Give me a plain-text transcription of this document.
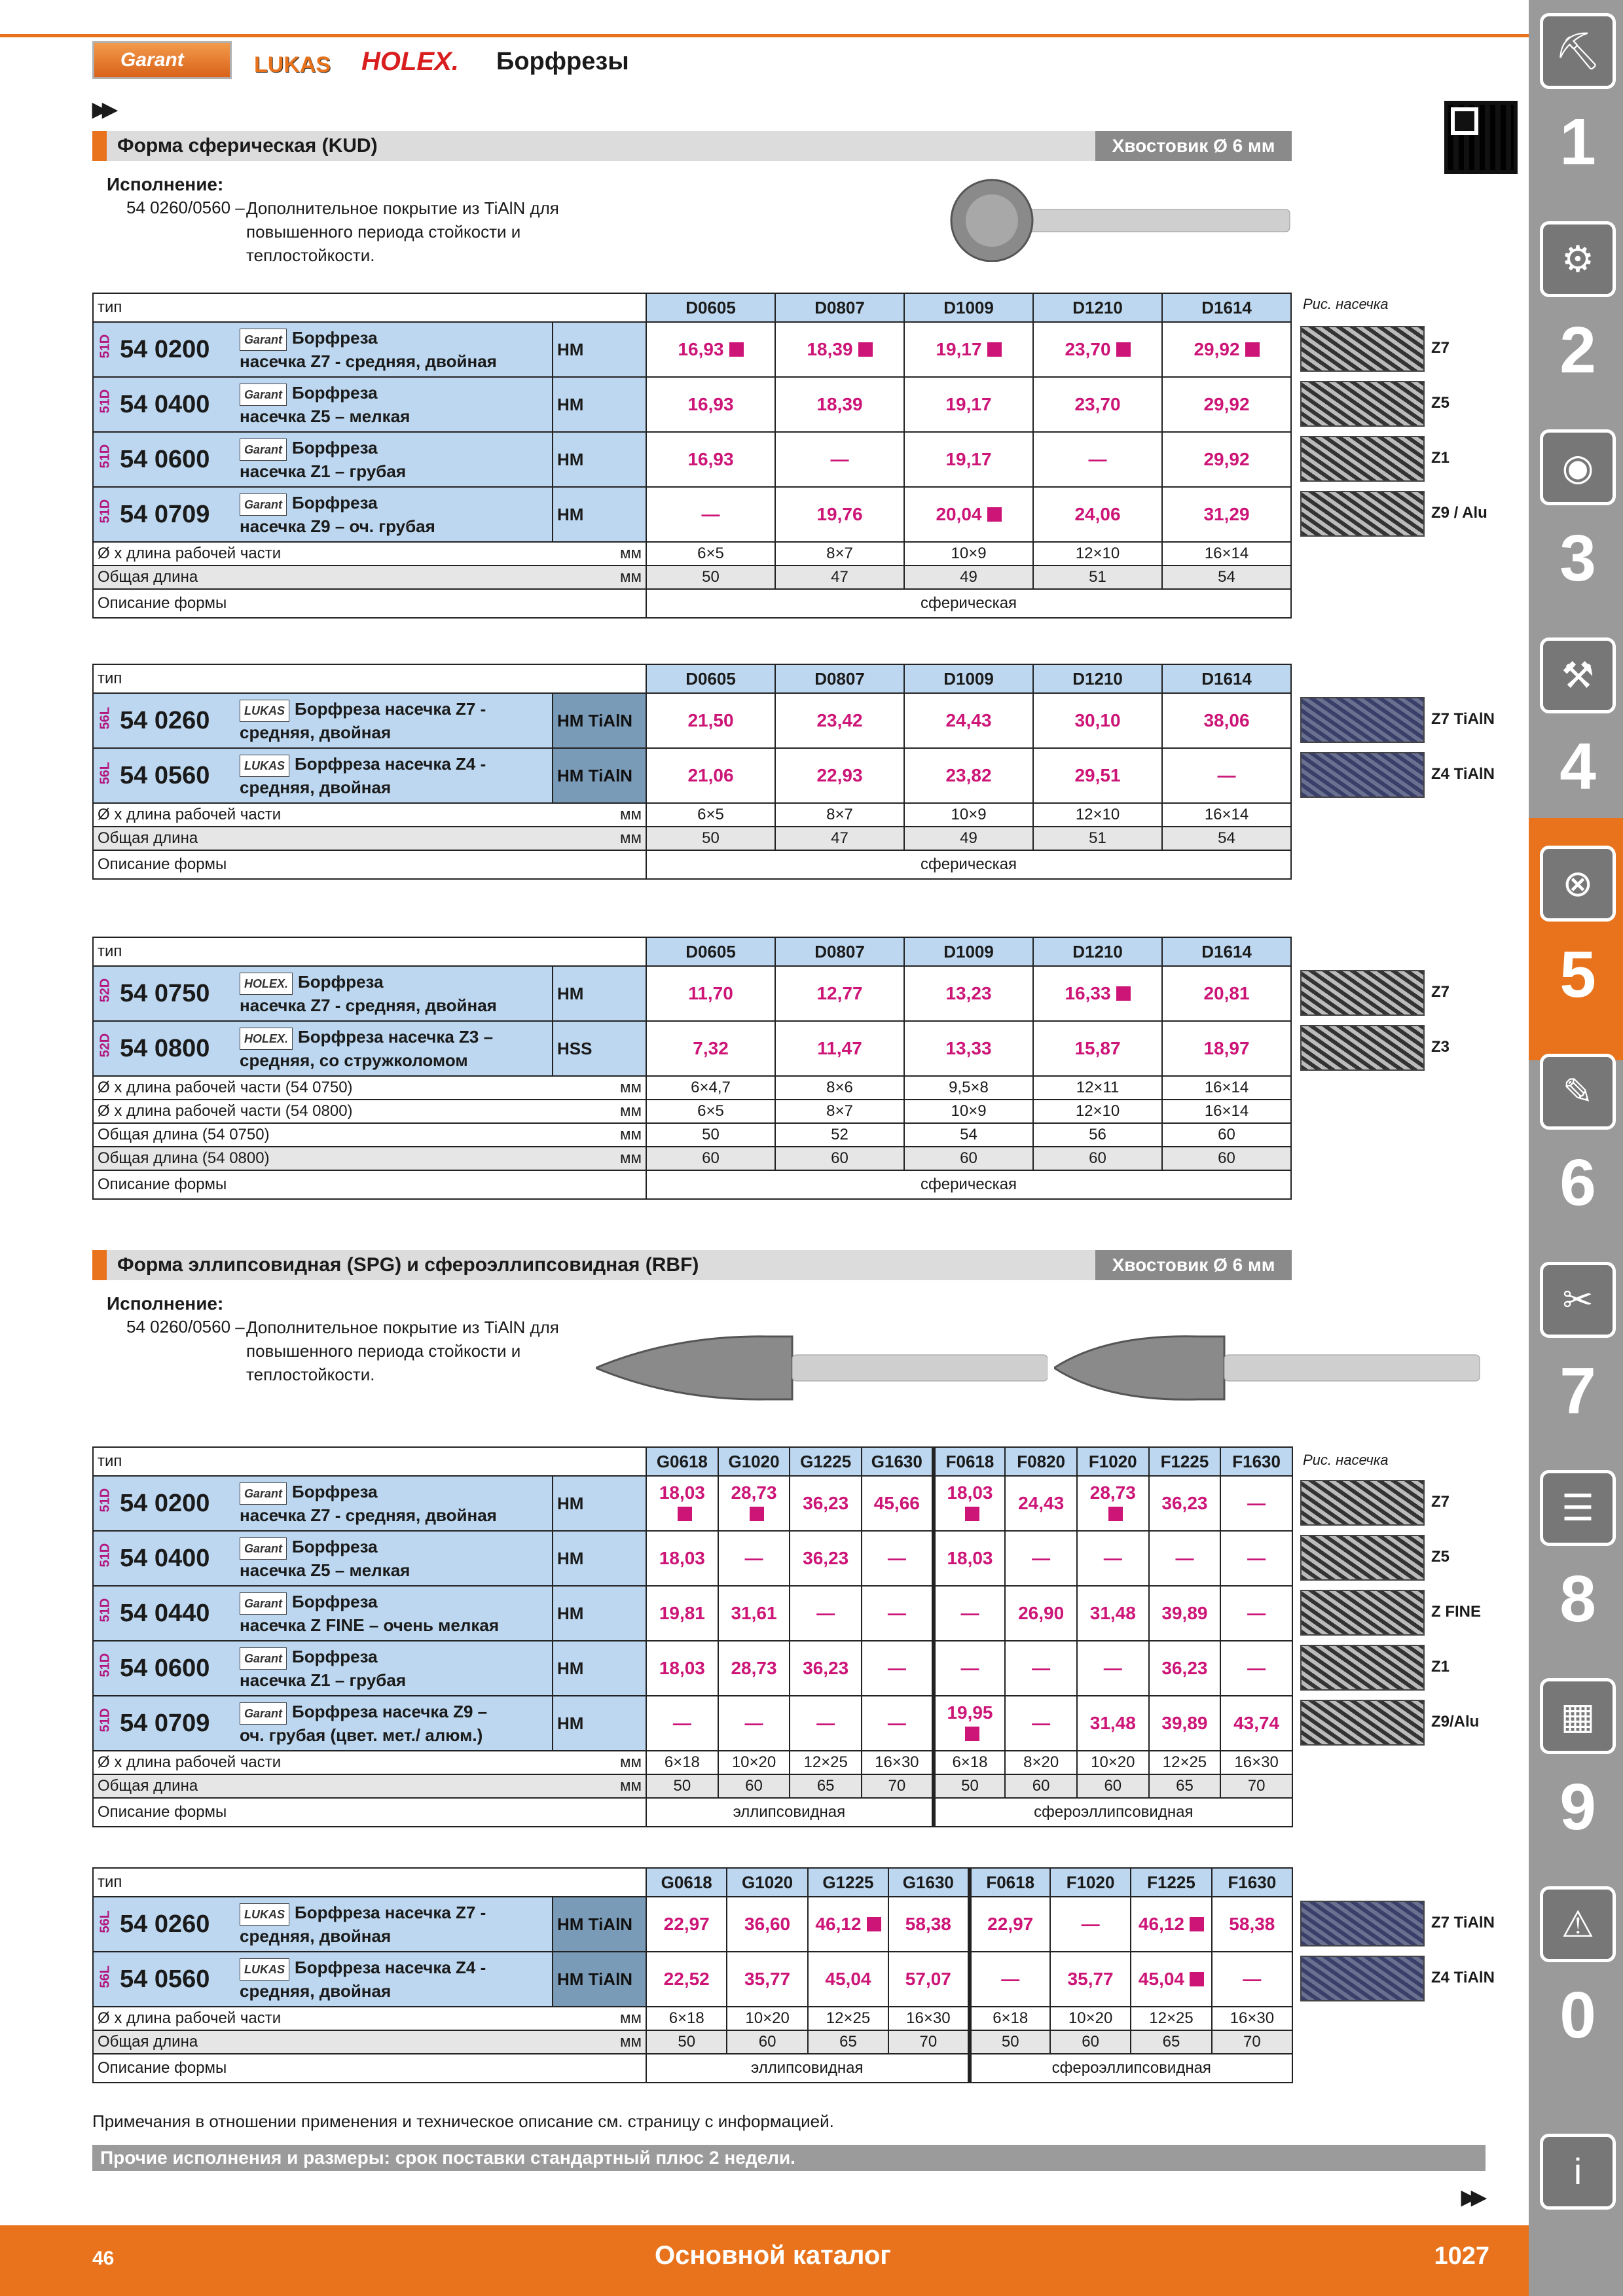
Garant	LUKAS	HOLEX.	Борфрезы
▶▶
Форма сферическая (KUD)	Хвостовик Ø 6 мм
Исполнение:
54 0260/0560 – Дополнительное покрытие из TiAlN для повышенного периода стойкости и теплостойкости.
Рис. насечка
тип			D0605	D0807	D1009	D1210	D1614
51D 54 0200	Garant Борфреза
насечка Z7 - средняя, двойная	HM	16,93	18,39	19,17	23,70	29,92
51D 54 0400	Garant Борфреза
насечка Z5 – мелкая	HM	16,93	18,39	19,17	23,70	29,92
51D 54 0600	Garant Борфреза
насечка Z1 – грубая	HM	16,93	—	19,17	—	29,92
51D 54 0709	Garant Борфреза
насечка Z9 – оч. грубая	HM	—	19,76	20,04	24,06	31,29
Ø x длина рабочей части		мм	6×5	8×7	10×9	12×10	16×14
Общая длина		мм	50	47	49	51	54
Описание формы			сферическая				
тип			D0605	D0807	D1009	D1210	D1614
56L 54 0260	LUKAS Борфреза насечка Z7 -
средняя, двойная	HM TiAlN	21,50	23,42	24,43	30,10	38,06
56L 54 0560	LUKAS Борфреза насечка Z4 -
средняя, двойная	HM TiAlN	21,06	22,93	23,82	29,51	—
Ø x длина рабочей части		мм	6×5	8×7	10×9	12×10	16×14
Общая длина		мм	50	47	49	51	54
Описание формы			сферическая				
тип			D0605	D0807	D1009	D1210	D1614
52D 54 0750	HOLEX. Борфреза
насечка Z7 - средняя, двойная	HM	11,70	12,77	13,23	16,33	20,81
52D 54 0800	HOLEX. Борфреза насечка Z3 –
средняя, со стружколомом	HSS	7,32	11,47	13,33	15,87	18,97
Ø x длина рабочей части (54 0750)		мм	6×4,7	8×6	9,5×8	12×11	16×14
Ø x длина рабочей части (54 0800)		мм	6×5	8×7	10×9	12×10	16×14
Общая длина (54 0750)		мм	50	52	54	56	60
Общая длина (54 0800)		мм	60	60	60	60	60
Описание формы			сферическая				
Форма эллипсовидная (SPG) и сфероэллипсовидная (RBF)	Хвостовик Ø 6 мм
Исполнение:
54 0260/0560 – Дополнительное покрытие из TiAlN для повышенного периода стойкости и теплостойкости.
Рис. насечка
тип			G0618	G1020	G1225	G1630	F0618	F0820	F1020	F1225	F1630
51D 54 0200	Garant Борфреза
насечка Z7 - средняя, двойная	HM	18,03	28,73	36,23	45,66	18,03	24,43	28,73	36,23	—
51D 54 0400	Garant Борфреза
насечка Z5 – мелкая	HM	18,03	—	36,23	—	18,03	—	—	—	—
51D 54 0440	Garant Борфреза
насечка Z FINE – очень мелкая	HM	19,81	31,61	—	—	—	26,90	31,48	39,89	—
51D 54 0600	Garant Борфреза
насечка Z1 – грубая	HM	18,03	28,73	36,23	—	—	—	—	36,23	—
51D 54 0709	Garant Борфреза насечка Z9 –
оч. грубая (цвет. мет./ алюм.)	HM	—	—	—	—	19,95	—	31,48	39,89	43,74
Ø x длина рабочей части		мм	6×18	10×20	12×25	16×30	6×18	8×20	10×20	12×25	16×30
Общая длина		мм	50	60	65	70	50	60	60	65	70
Описание формы			эллипсовидная				сфероэллипсовидная				
тип			G0618	G1020	G1225	G1630	F0618	F1020	F1225	F1630
56L 54 0260	LUKAS Борфреза насечка Z7 -
средняя, двойная	HM TiAlN	22,97	36,60	46,12	58,38	22,97	—	46,12	58,38
56L 54 0560	LUKAS Борфреза насечка Z4 -
средняя, двойная	HM TiAlN	22,52	35,77	45,04	57,07	—	35,77	45,04	—
Ø x длина рабочей части		мм	6×18	10×20	12×25	16×30	6×18	10×20	12×25	16×30
Общая длина		мм	50	60	65	70	50	60	65	70
Описание формы			эллипсовидная				сфероэллипсовидная			
Z7
Z5
Z1
Z9 / Alu
Z7 TiAlN
Z4 TiAlN
Z7
Z3
Z7
Z5
Z FINE
Z1
Z9/Alu
Z7 TiAlN
Z4 TiAlN
Примечания в отношении применения и техническое описание см. страницу с информацией.
Прочие исполнения и размеры: срок поставки стандартный плюс 2 недели.
▶▶
46	Основной каталог	1027
⛏
1
⚙
2
◉
3
⚒
4
⊗
5
✎
6
✂
7
☰
8
▦
9
⚠
0
i
